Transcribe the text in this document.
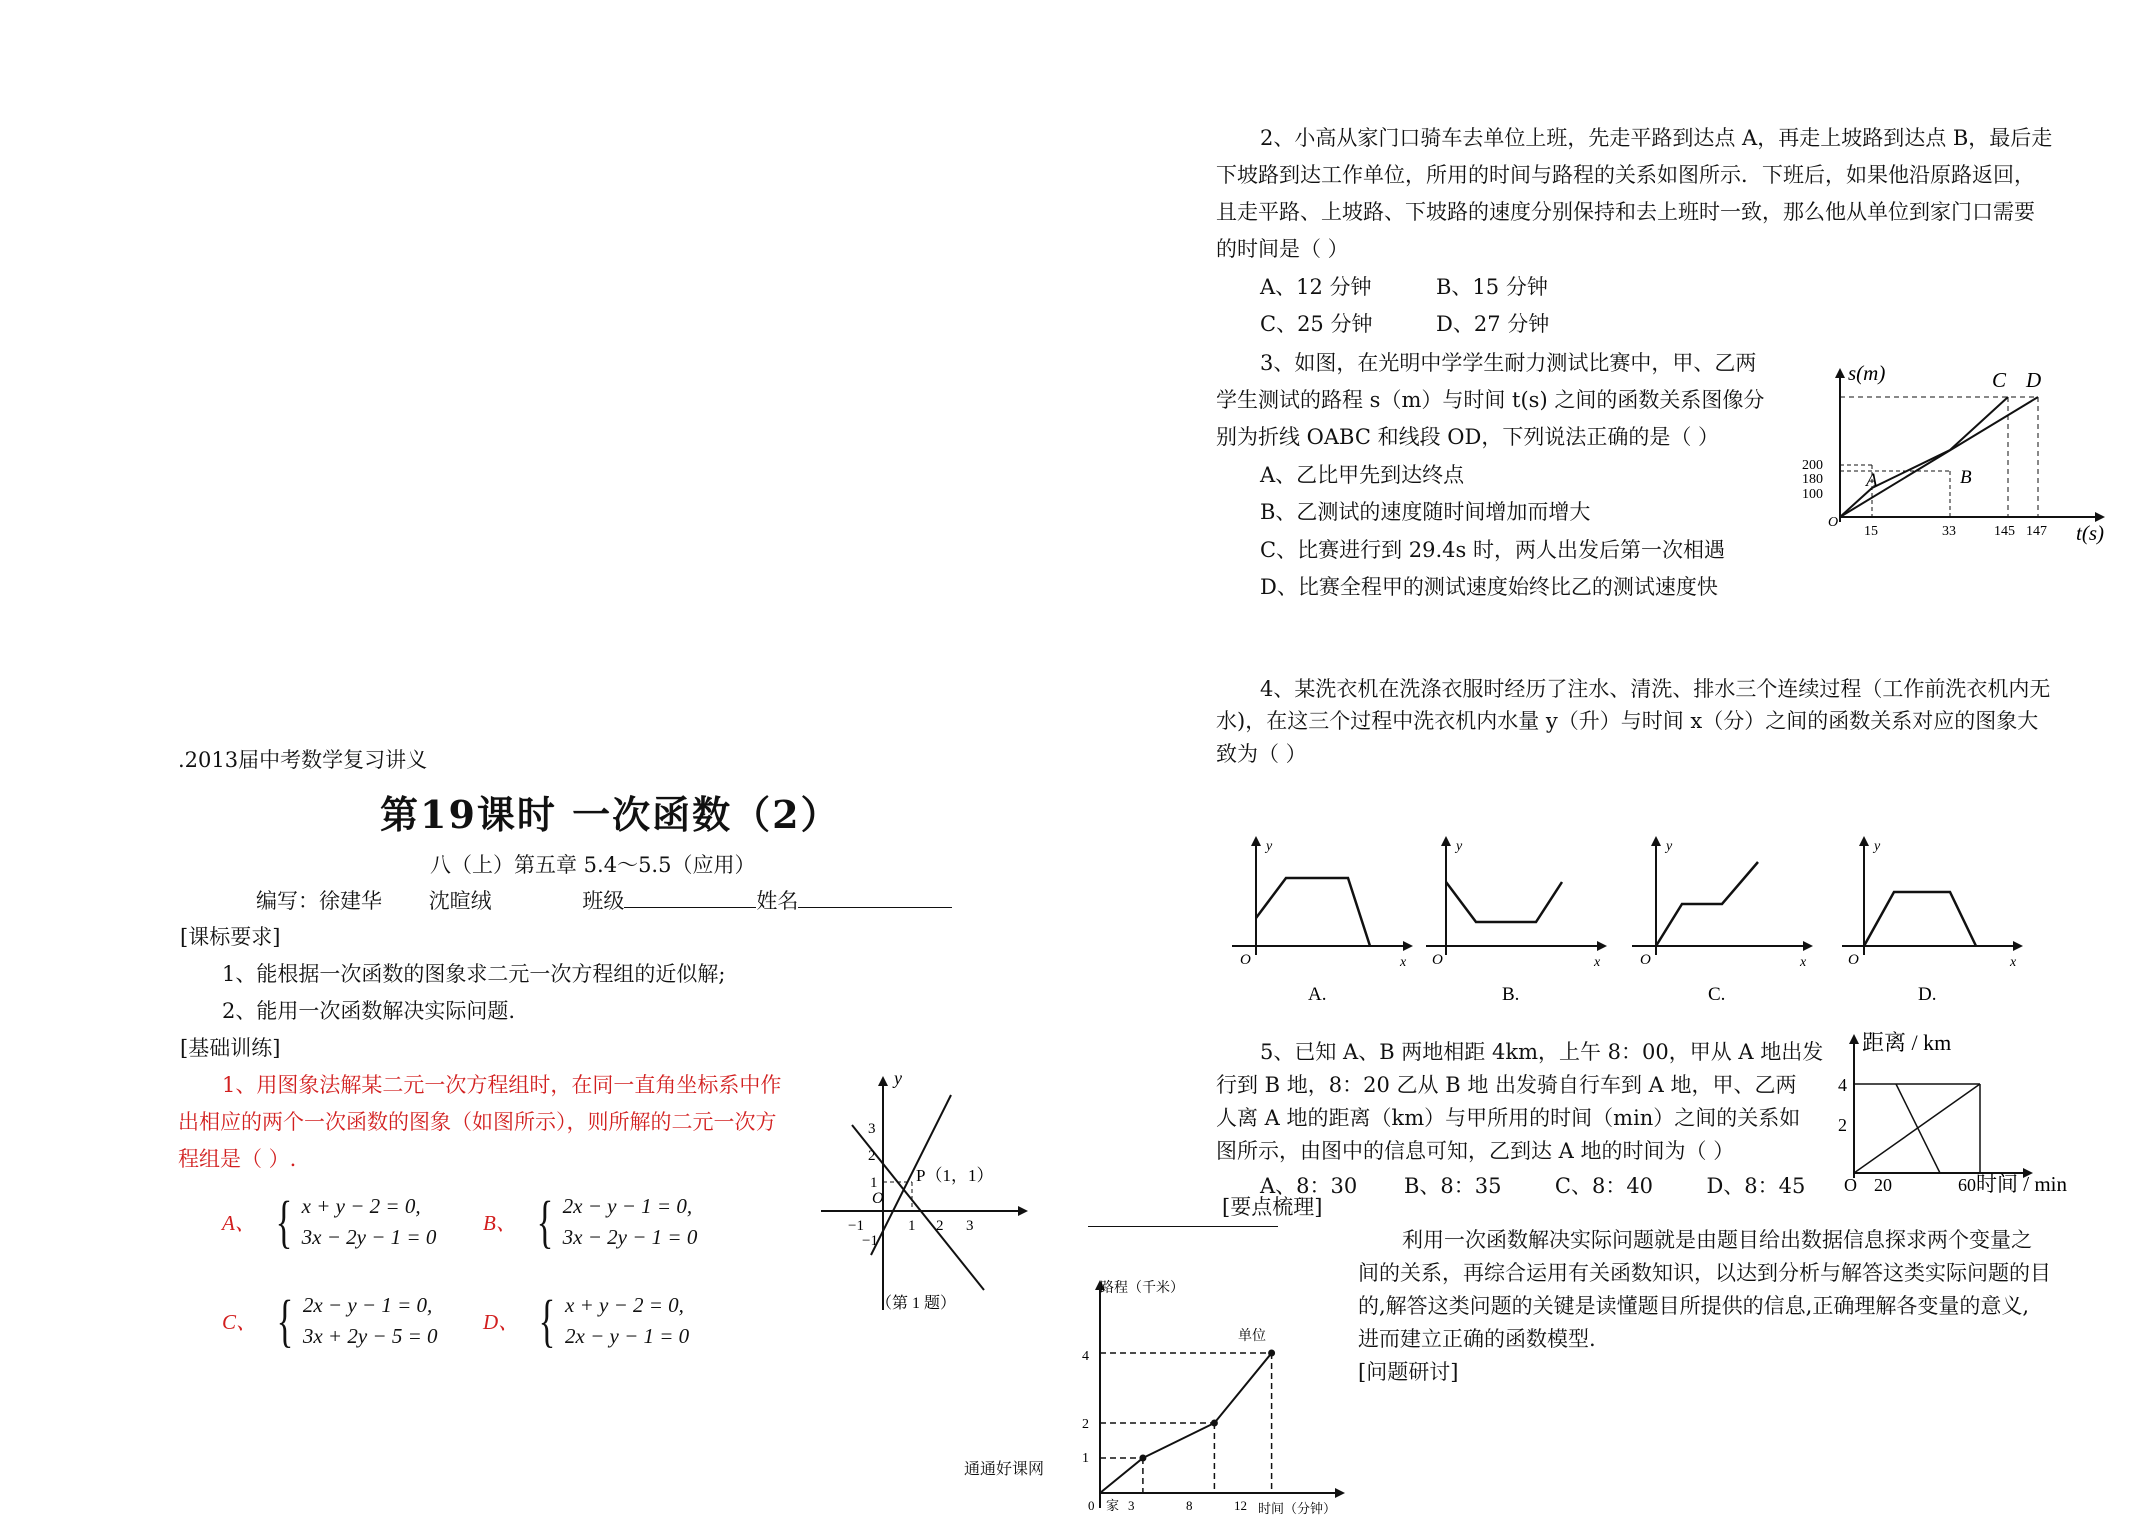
.2013届中考数学复习讲义
第19课时 一次函数（2）
八（上）第五章 5.4～5.5（应用）
编写：徐建华 沈暄绒	班级	姓名
[课标要求]
1、能根据一次函数的图象求二元一次方程组的近似解;
2、能用一次函数解决实际问题.
[基础训练]
1、用图象法解某二元一次方程组时，在同一直角坐标系中作
出相应的两个一次函数的图象（如图所示），则所解的二元一次方
程组是（ ）.
A、 { x + y − 2 = 0,
3x − 2y − 1 = 0
B、 { 2x − y − 1 = 0,
3x − 2y − 1 = 0
C、 { 2x − y − 1 = 0,
3x + 2y − 5 = 0
D、 { x + y − 2 = 0,
2x − y − 1 = 0
y
O
P（1，1）
3
2
1
−1
1 2 3
−1
（第 1 题）
路程（千米）
时间（分钟）
单位
0 家
4
2
1
3	8	12
通通好课网
2、小高从家门口骑车去单位上班，先走平路到达点 A，再走上坡路到达点 B，最后走
下坡路到达工作单位，所用的时间与路程的关系如图所示．下班后，如果他沿原路返回，
且走平路、上坡路、下坡路的速度分别保持和去上班时一致，那么他从单位到家门口需要
的时间是（ ）
A、12 分钟	B、15 分钟
C、25 分钟	D、27 分钟
3、如图，在光明中学学生耐力测试比赛中，甲、乙两
学生测试的路程 s（m）与时间 t(s) 之间的函数关系图像分
别为折线 OABC 和线段 OD，下列说法正确的是（ ）
A、乙比甲先到达终点
B、乙测试的速度随时间增加而增大
C、比赛进行到 29.4s 时，两人出发后第一次相遇
D、比赛全程甲的测试速度始终比乙的测试速度快
s(m)
t(s)
O
A	B
C D
200
180
100
15	33	145 147
4、某洗衣机在洗涤衣服时经历了注水、清洗、排水三个连续过程（工作前洗衣机内无
水)，在这三个过程中洗衣机内水量 y（升）与时间 x（分）之间的函数关系对应的图象大
致为（ ）
y
O	x
A.
y
O	x
B.
y
O	x
C.
y
O	x
D.
5、已知 A、B 两地相距 4km，上午 8：00，甲从 A 地出发
行到 B 地，8：20 乙从 B 地 出发骑自行车到 A 地，甲、乙两
人离 A 地的距离（km）与甲所用的时间（min）之间的关系如
图所示，由图中的信息可知，乙到达 A 地的时间为（ ）
A、8：30       B、8：35        C、8：40        D、8：45
距离 / km
时间 / min
4
2
O 20	60
[要点梳理]
利用一次函数解决实际问题就是由题目给出数据信息探求两个变量之
间的关系，再综合运用有关函数知识，以达到分析与解答这类实际问题的目
的,解答这类问题的关键是读懂题目所提供的信息,正确理解各变量的意义,
进而建立正确的函数模型.
[问题研讨]
